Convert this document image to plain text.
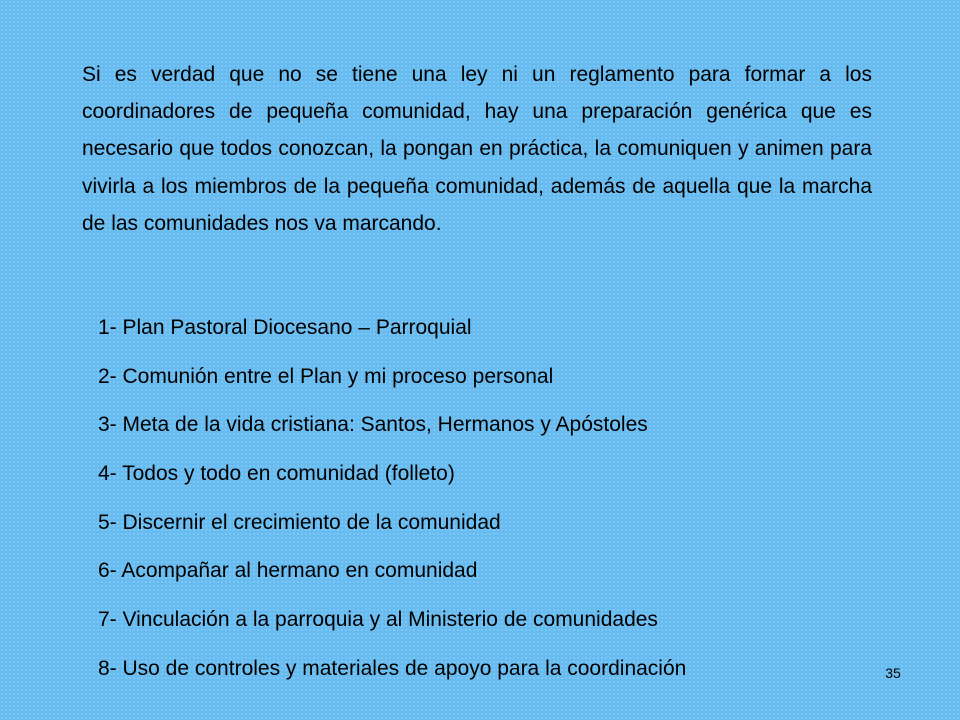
Si es verdad que no se tiene una ley ni un reglamento para formar a los coordinadores de pequeña comunidad, hay una preparación genérica que es necesario que todos conozcan, la pongan en práctica, la comuniquen y animen para vivirla a los miembros de la pequeña comunidad, además de aquella que la marcha de las comunidades nos va marcando.

1- Plan Pastoral Diocesano – Parroquial
2- Comunión entre el Plan y mi proceso personal
3- Meta de la vida cristiana: Santos, Hermanos y Apóstoles
4- Todos y todo en comunidad (folleto)
5- Discernir el crecimiento de la comunidad
6- Acompañar al hermano en comunidad
7- Vinculación a la parroquia y al Ministerio de comunidades
8- Uso de controles y materiales de apoyo para la coordinación	35
